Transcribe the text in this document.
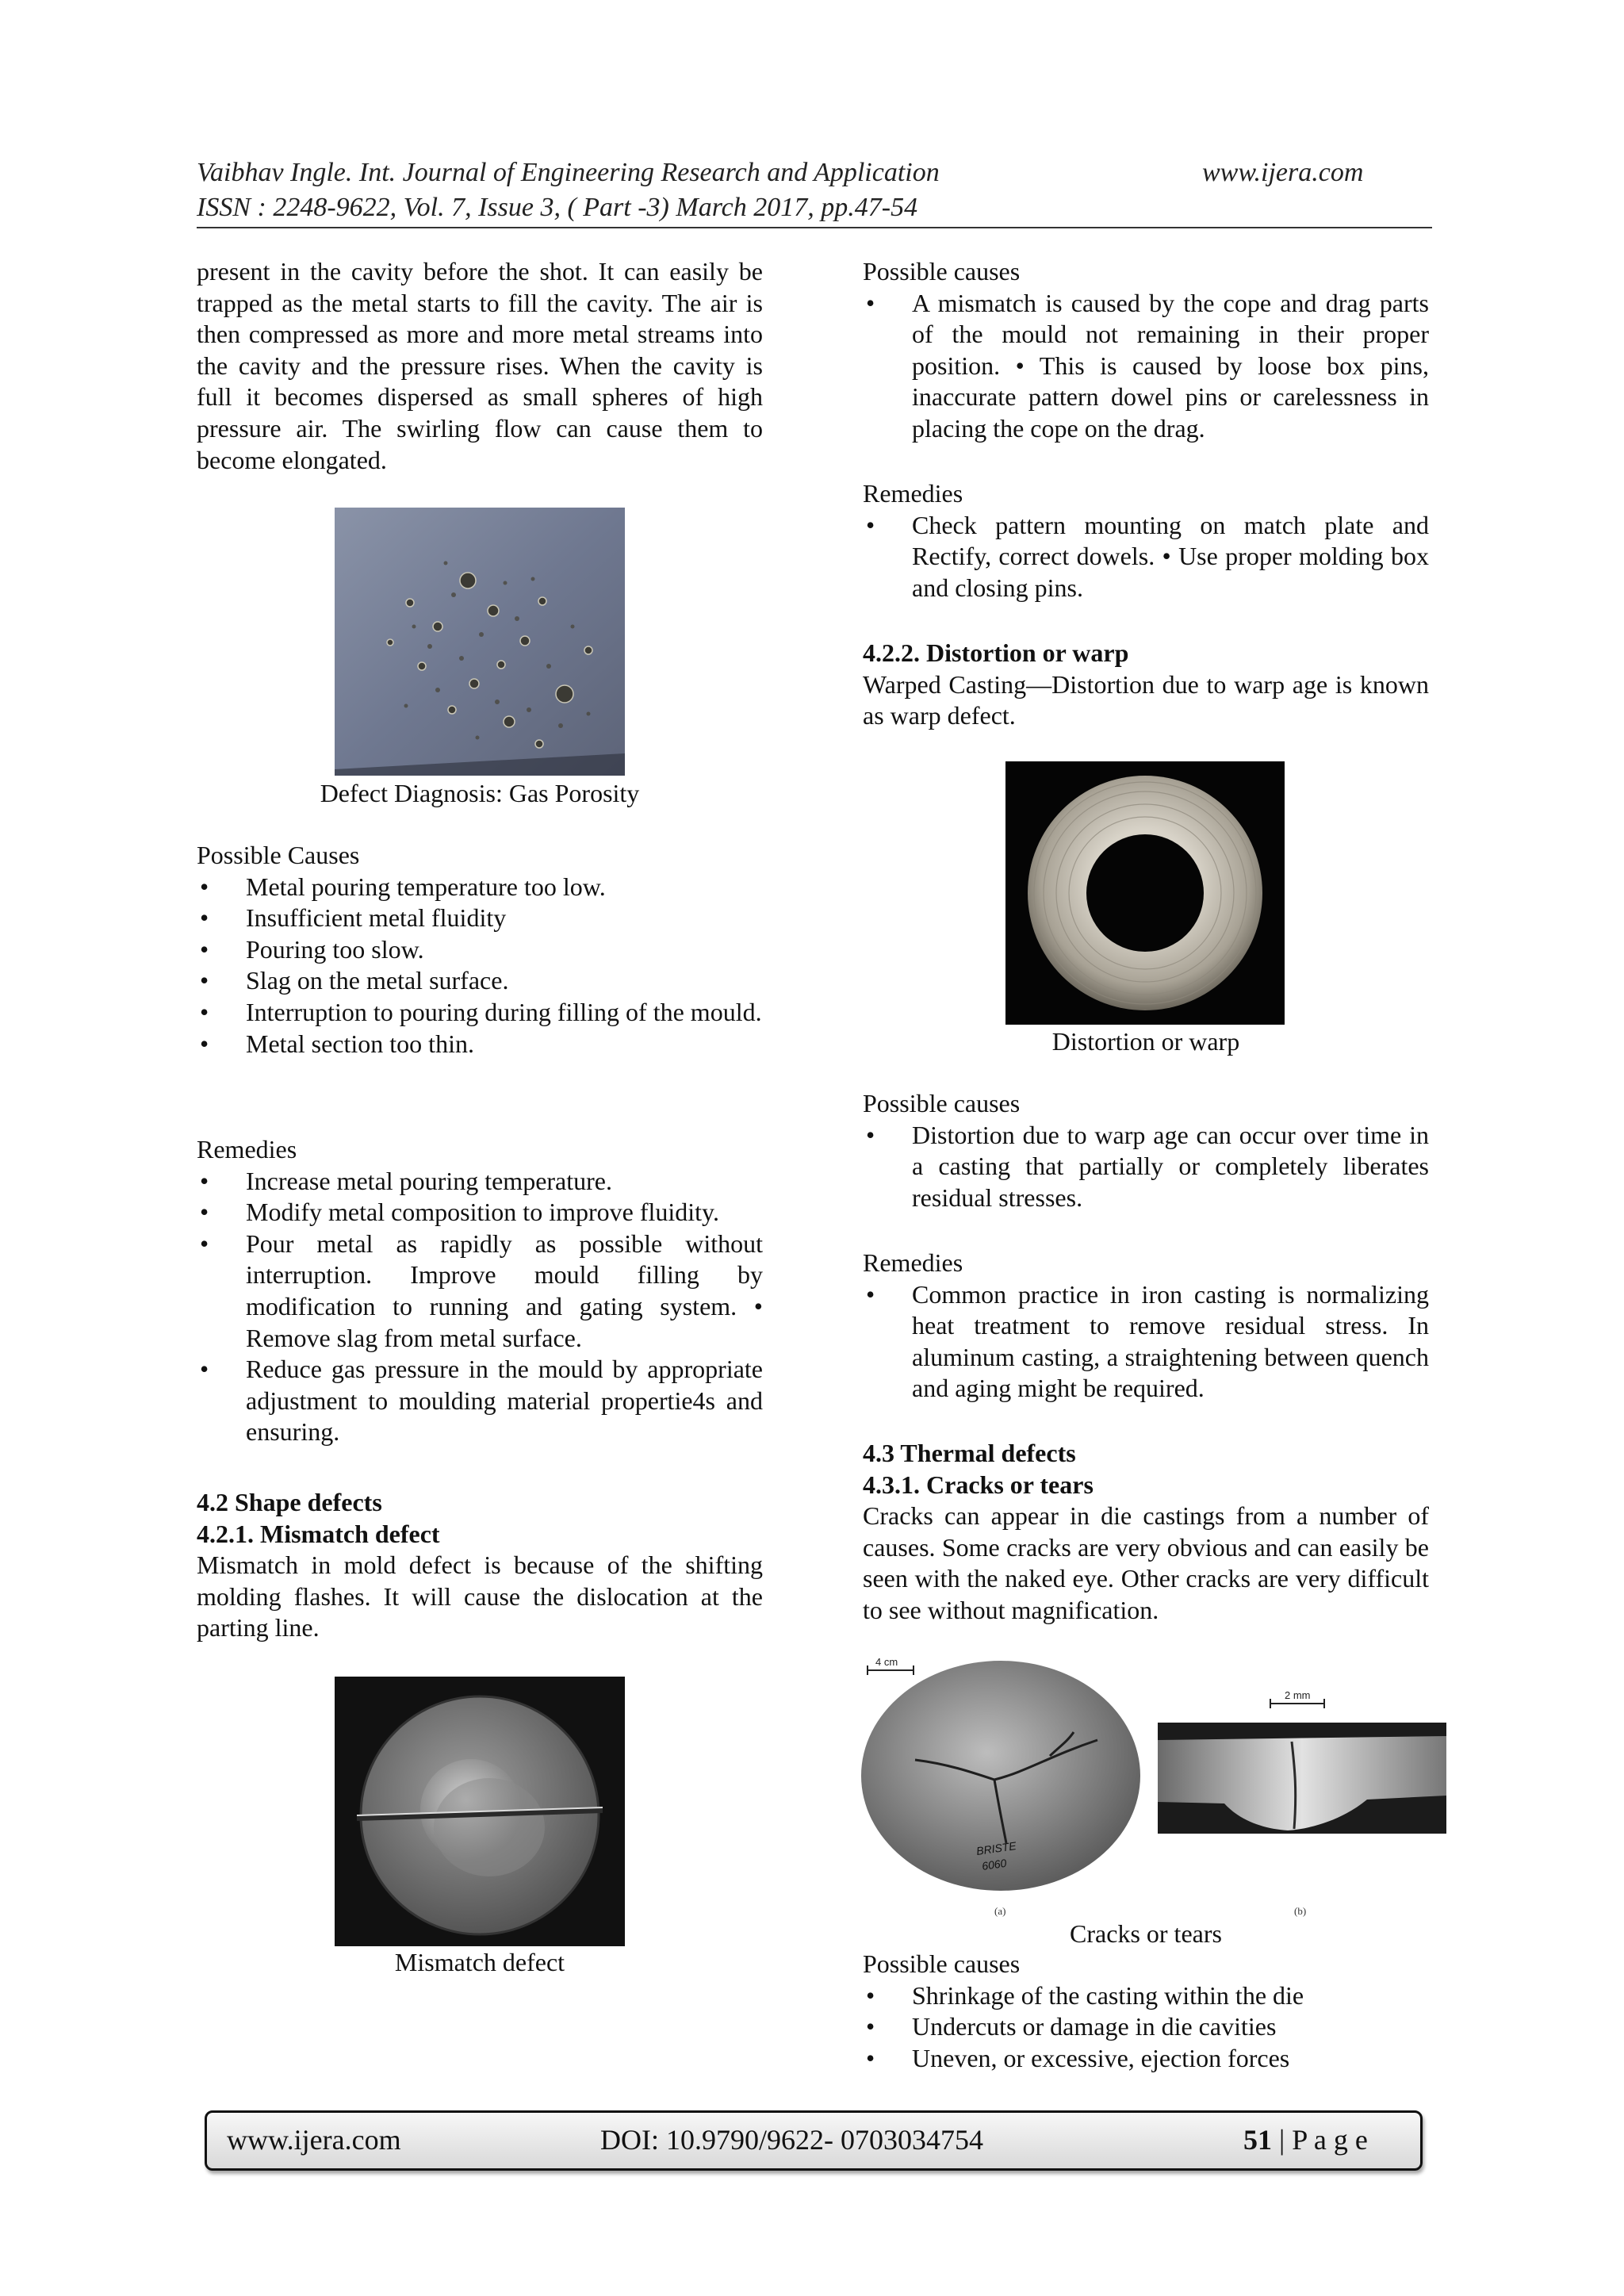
Vaibhav Ingle. Int. Journal of Engineering Research and Application	www.ijera.com
ISSN : 2248-9622, Vol. 7, Issue 3, ( Part -3) March 2017, pp.47-54

present in the cavity before the shot. It can easily be trapped as the metal starts to fill the cavity. The air is then compressed as more and more metal streams into the cavity and the pressure rises. When the cavity is full it becomes dispersed as small spheres of high pressure air. The swirling flow can cause them to become elongated.

Defect Diagnosis: Gas Porosity

Possible Causes

• Metal pouring temperature too low.
• Insufficient metal fluidity
• Pouring too slow.
• Slag on the metal surface.
• Interruption to pouring during filling of the mould.
• Metal section too thin.

Remedies

• Increase metal pouring temperature.
• Modify metal composition to improve fluidity.
• Pour metal as rapidly as possible without interruption. Improve mould filling by modification to running and gating system. • Remove slag from metal surface.
• Reduce gas pressure in the mould by appropriate adjustment to moulding material propertie4s and ensuring.

4.2 Shape defects

4.2.1. Mismatch defect

Mismatch in mold defect is because of the shifting molding flashes. It will cause the dislocation at the parting line.

Mismatch defect

Possible causes

• A mismatch is caused by the cope and drag parts of the mould not remaining in their proper position. • This is caused by loose box pins, inaccurate pattern dowel pins or carelessness in placing the cope on the drag.

Remedies

• Check pattern mounting on match plate and Rectify, correct dowels. • Use proper molding box and closing pins.

4.2.2. Distortion or warp

Warped Casting—Distortion due to warp age is known as warp defect.

Distortion or warp

Possible causes

• Distortion due to warp age can occur over time in a casting that partially or completely liberates residual stresses.

Remedies

• Common practice in iron casting is normalizing heat treatment to remove residual stress. In aluminum casting, a straightening between quench and aging might be required.

4.3 Thermal defects

4.3.1. Cracks or tears

Cracks can appear in die castings from a number of causes. Some cracks are very obvious and can easily be seen with the naked eye. Other cracks are very difficult to see without magnification.

4 cm
BRISTE
6060
(a)
2 mm
(b)
Cracks or tears

Possible causes

• Shrinkage of the casting within the die
• Undercuts or damage in die cavities
• Uneven, or excessive, ejection forces
www.ijera.com	DOI: 10.9790/9622- 0703034754	51 | P a g e
